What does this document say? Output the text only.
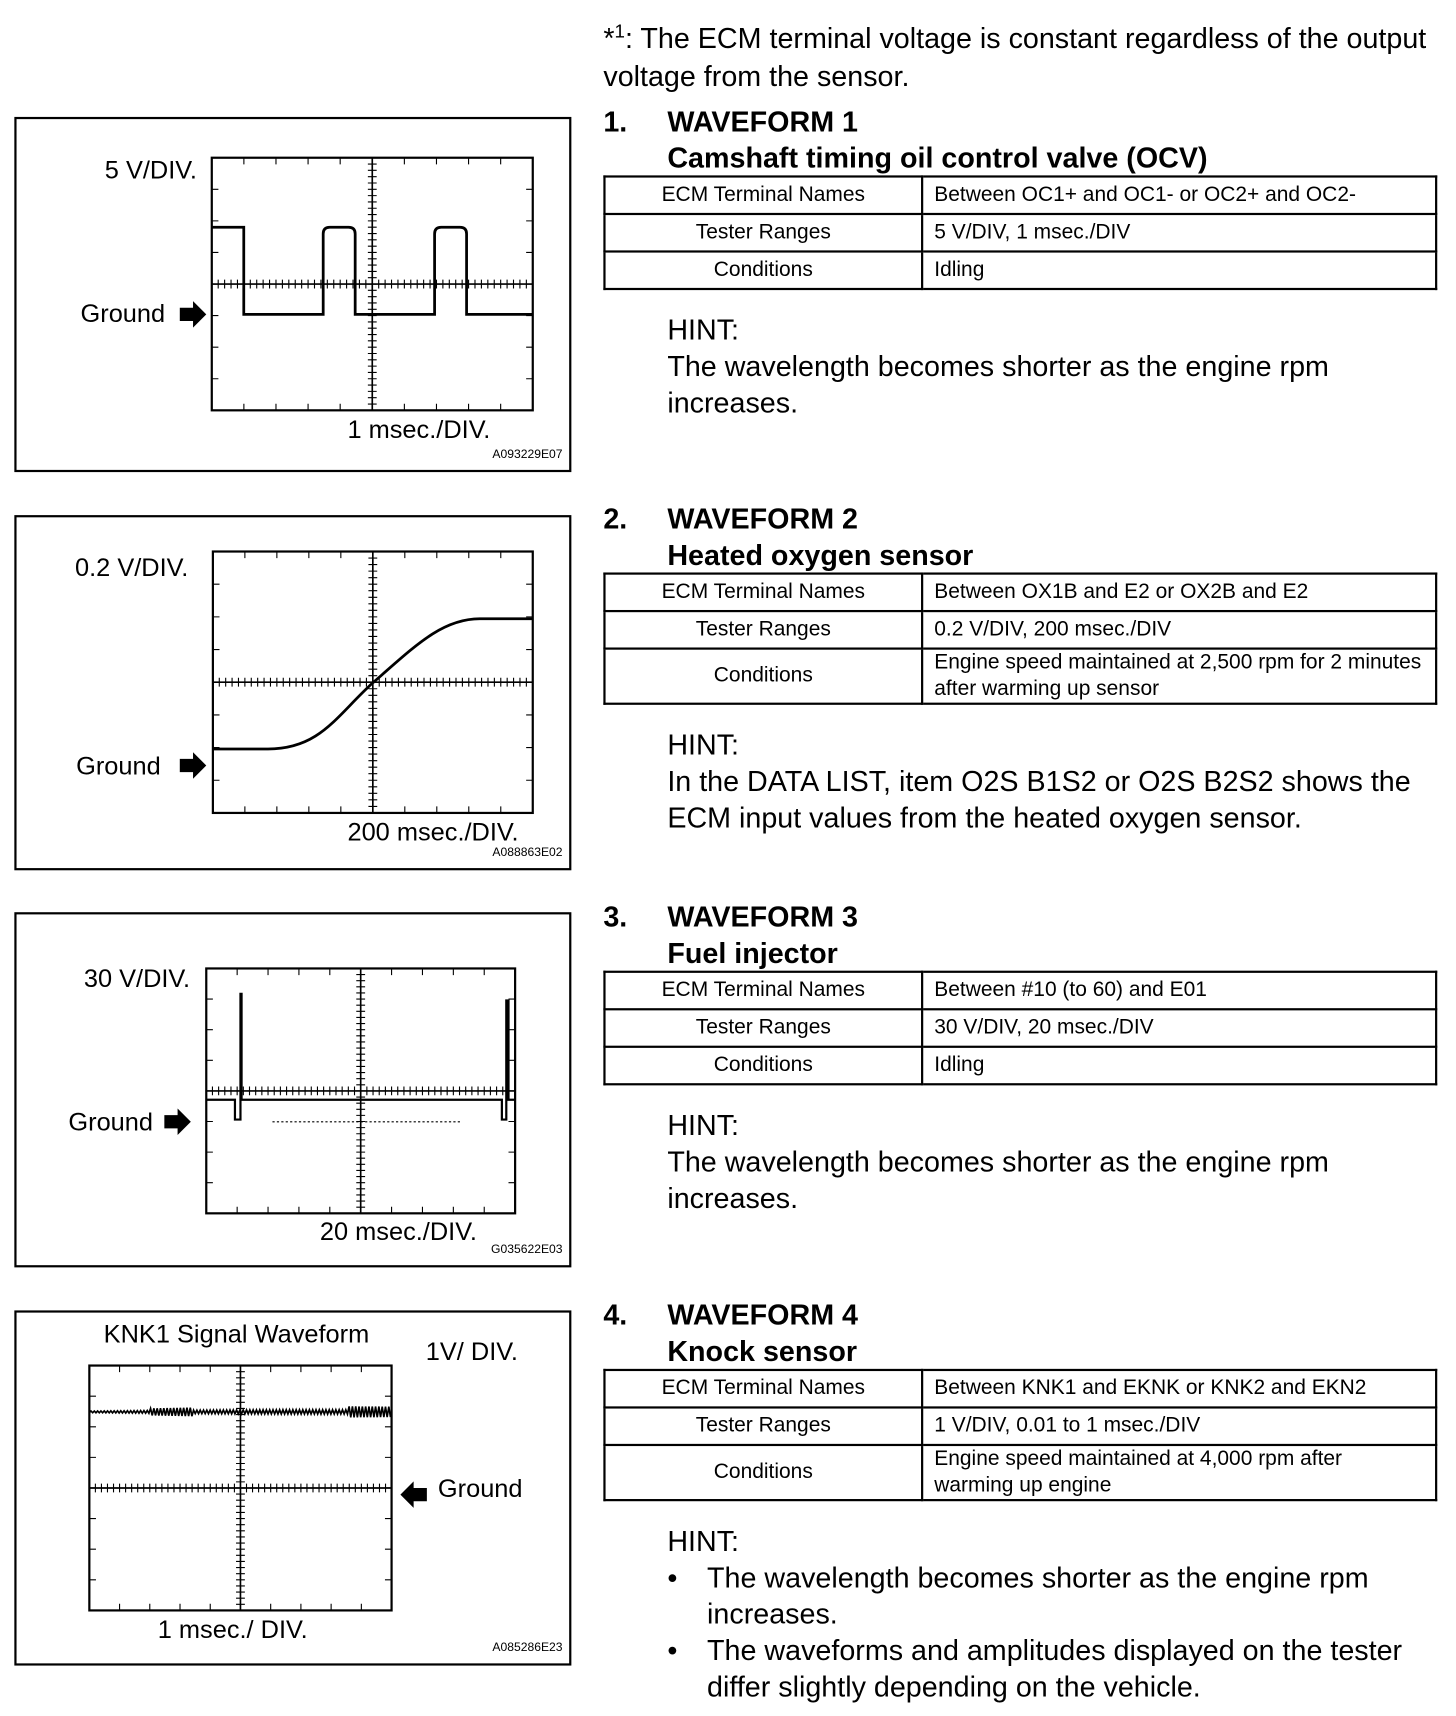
*$^1$: The ECM terminal voltage is constant regardless of the output voltage from the sensor.
5 V/DIV.
Ground
1 msec./DIV.
A093229E07
0.2 V/DIV.
Ground
200 msec./DIV.
A088863E02
30 V/DIV.
Ground
20 msec./DIV.
G035622E03
KNK1 Signal Waveform
1V/ DIV.
Ground
1 msec./ DIV.
A085286E23
1. WAVEFORM 1
Camshaft timing oil control valve (OCV)
ECM Terminal Names	Between OC1+ and OC1- or OC2+ and OC2-
Tester Ranges	5 V/DIV, 1 msec./DIV
Conditions	Idling
HINT:
The wavelength becomes shorter as the engine rpm increases.
2. WAVEFORM 2
Heated oxygen sensor
ECM Terminal Names	Between OX1B and E2 or OX2B and E2
Tester Ranges	0.2 V/DIV, 200 msec./DIV
Conditions	Engine speed maintained at 2,500 rpm for 2 minutes after warming up sensor
HINT:
In the DATA LIST, item O2S B1S2 or O2S B2S2 shows the ECM input values from the heated oxygen sensor.
3. WAVEFORM 3
Fuel injector
ECM Terminal Names	Between #10 (to 60) and E01
Tester Ranges	30 V/DIV, 20 msec./DIV
Conditions	Idling
HINT:
The wavelength becomes shorter as the engine rpm increases.
4. WAVEFORM 4
Knock sensor
ECM Terminal Names	Between KNK1 and EKNK or KNK2 and EKN2
Tester Ranges	1 V/DIV, 0.01 to 1 msec./DIV
Conditions	Engine speed maintained at 4,000 rpm after warming up engine
HINT:
• The wavelength becomes shorter as the engine rpm increases.
• The waveforms and amplitudes displayed on the tester differ slightly depending on the vehicle.
